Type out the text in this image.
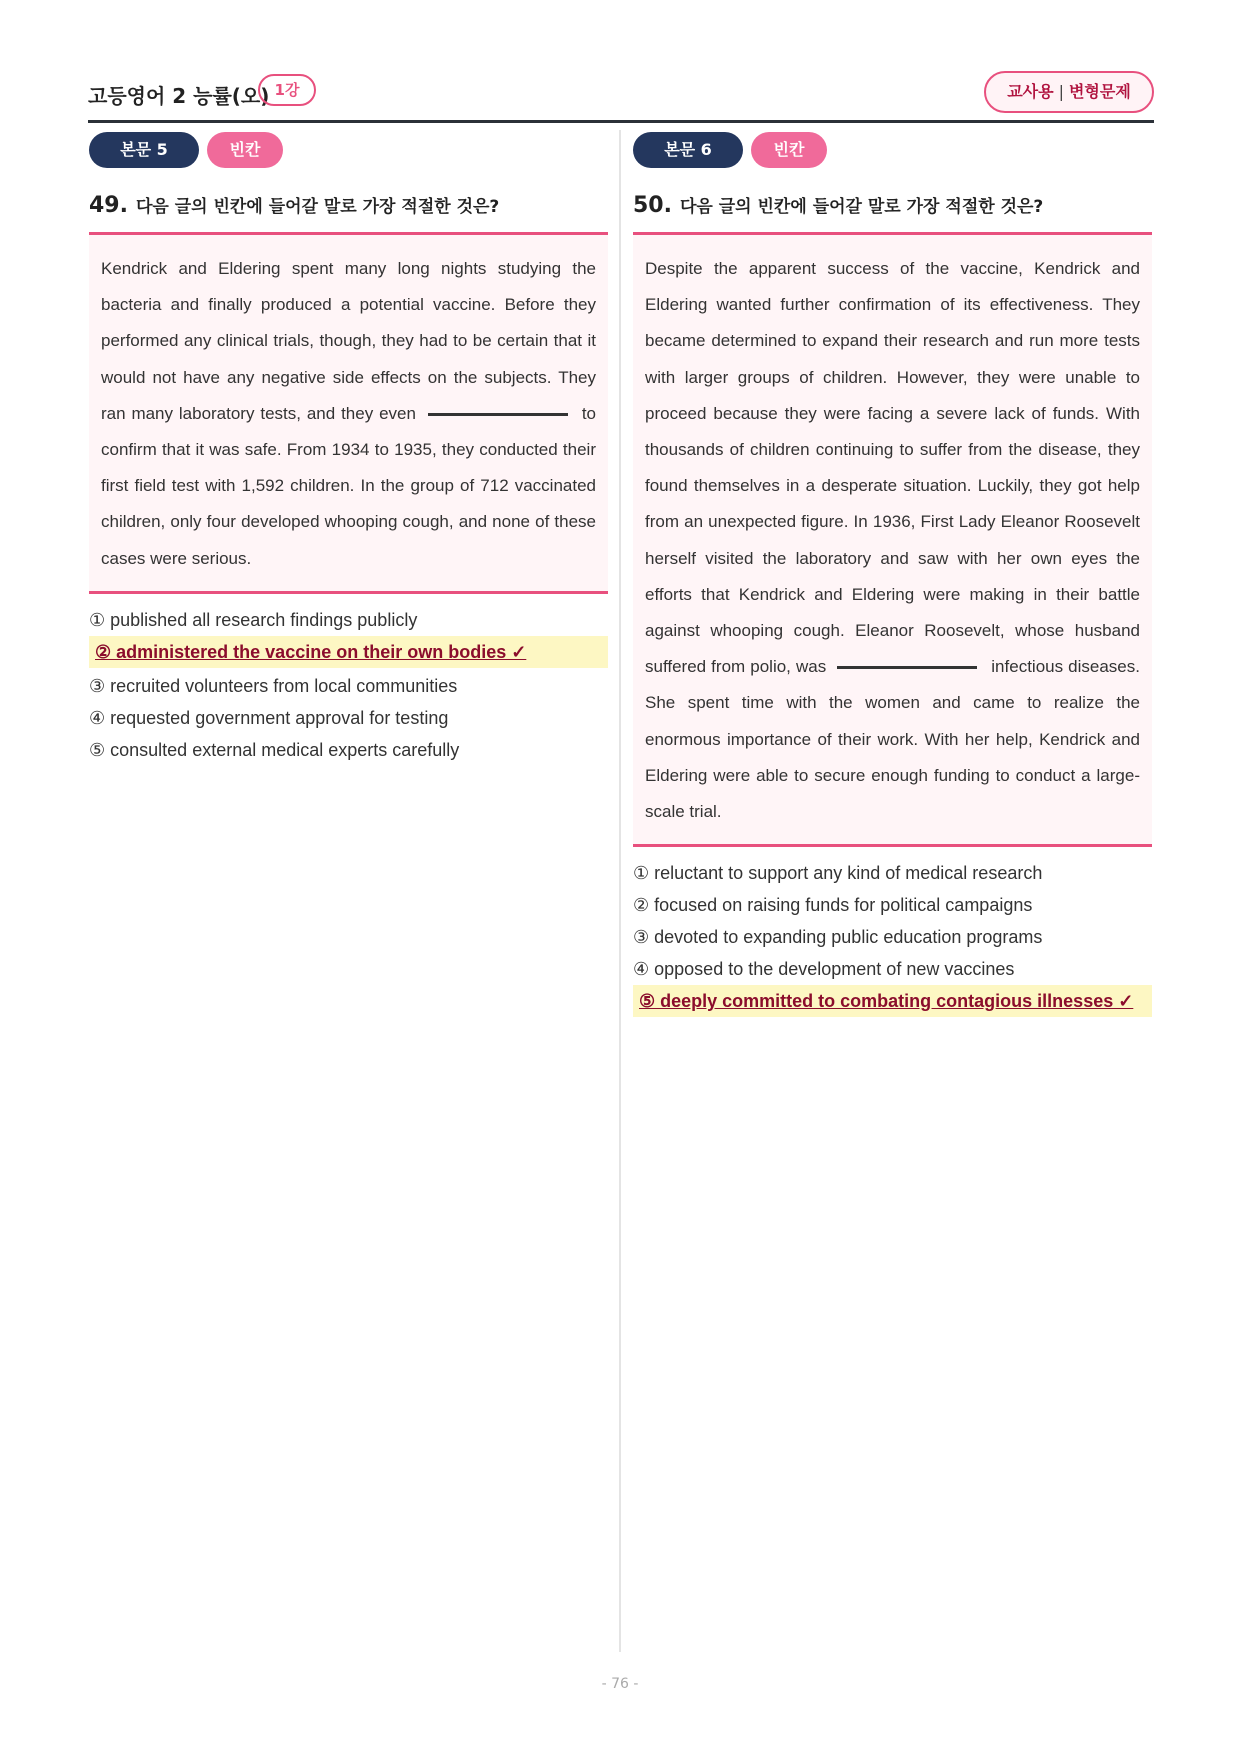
고등영어 2 능률(오) 1강	교사용 | 변형문제
본문 5	빈칸
49. 다음 글의 빈칸에 들어갈 말로 가장 적절한 것은?
Kendrick and Eldering spent many long nights studying the bacteria and finally produced a potential vaccine. Before they performed any clinical trials, though, they had to be certain that it would not have any negative side effects on the subjects. They ran many laboratory tests, and they even	to confirm that it was safe. From 1934 to 1935, they conducted their first field test with 1,592 children. In the group of 712 vaccinated children, only four developed whooping cough, and none of these cases were serious.
① published all research findings publicly
② administered the vaccine on their own bodies ✓
③ recruited volunteers from local communities
④ requested government approval for testing
⑤ consulted external medical experts carefully
본문 6	빈칸
50. 다음 글의 빈칸에 들어갈 말로 가장 적절한 것은?
Despite the apparent success of the vaccine, Kendrick and Eldering wanted further confirmation of its effectiveness. They became determined to expand their research and run more tests with larger groups of children. However, they were unable to proceed because they were facing a severe lack of funds. With thousands of children continuing to suffer from the disease, they found themselves in a desperate situation. Luckily, they got help from an unexpected figure. In 1936, First Lady Eleanor Roosevelt herself visited the laboratory and saw with her own eyes the efforts that Kendrick and Eldering were making in their battle against whooping cough. Eleanor Roosevelt, whose husband suffered from polio, was	infectious diseases. She spent time with the women and came to realize the enormous importance of their work. With her help, Kendrick and Eldering were able to secure enough funding to conduct a large-scale trial.
① reluctant to support any kind of medical research
② focused on raising funds for political campaigns
③ devoted to expanding public education programs
④ opposed to the development of new vaccines
⑤ deeply committed to combating contagious illnesses ✓
- 76 -
